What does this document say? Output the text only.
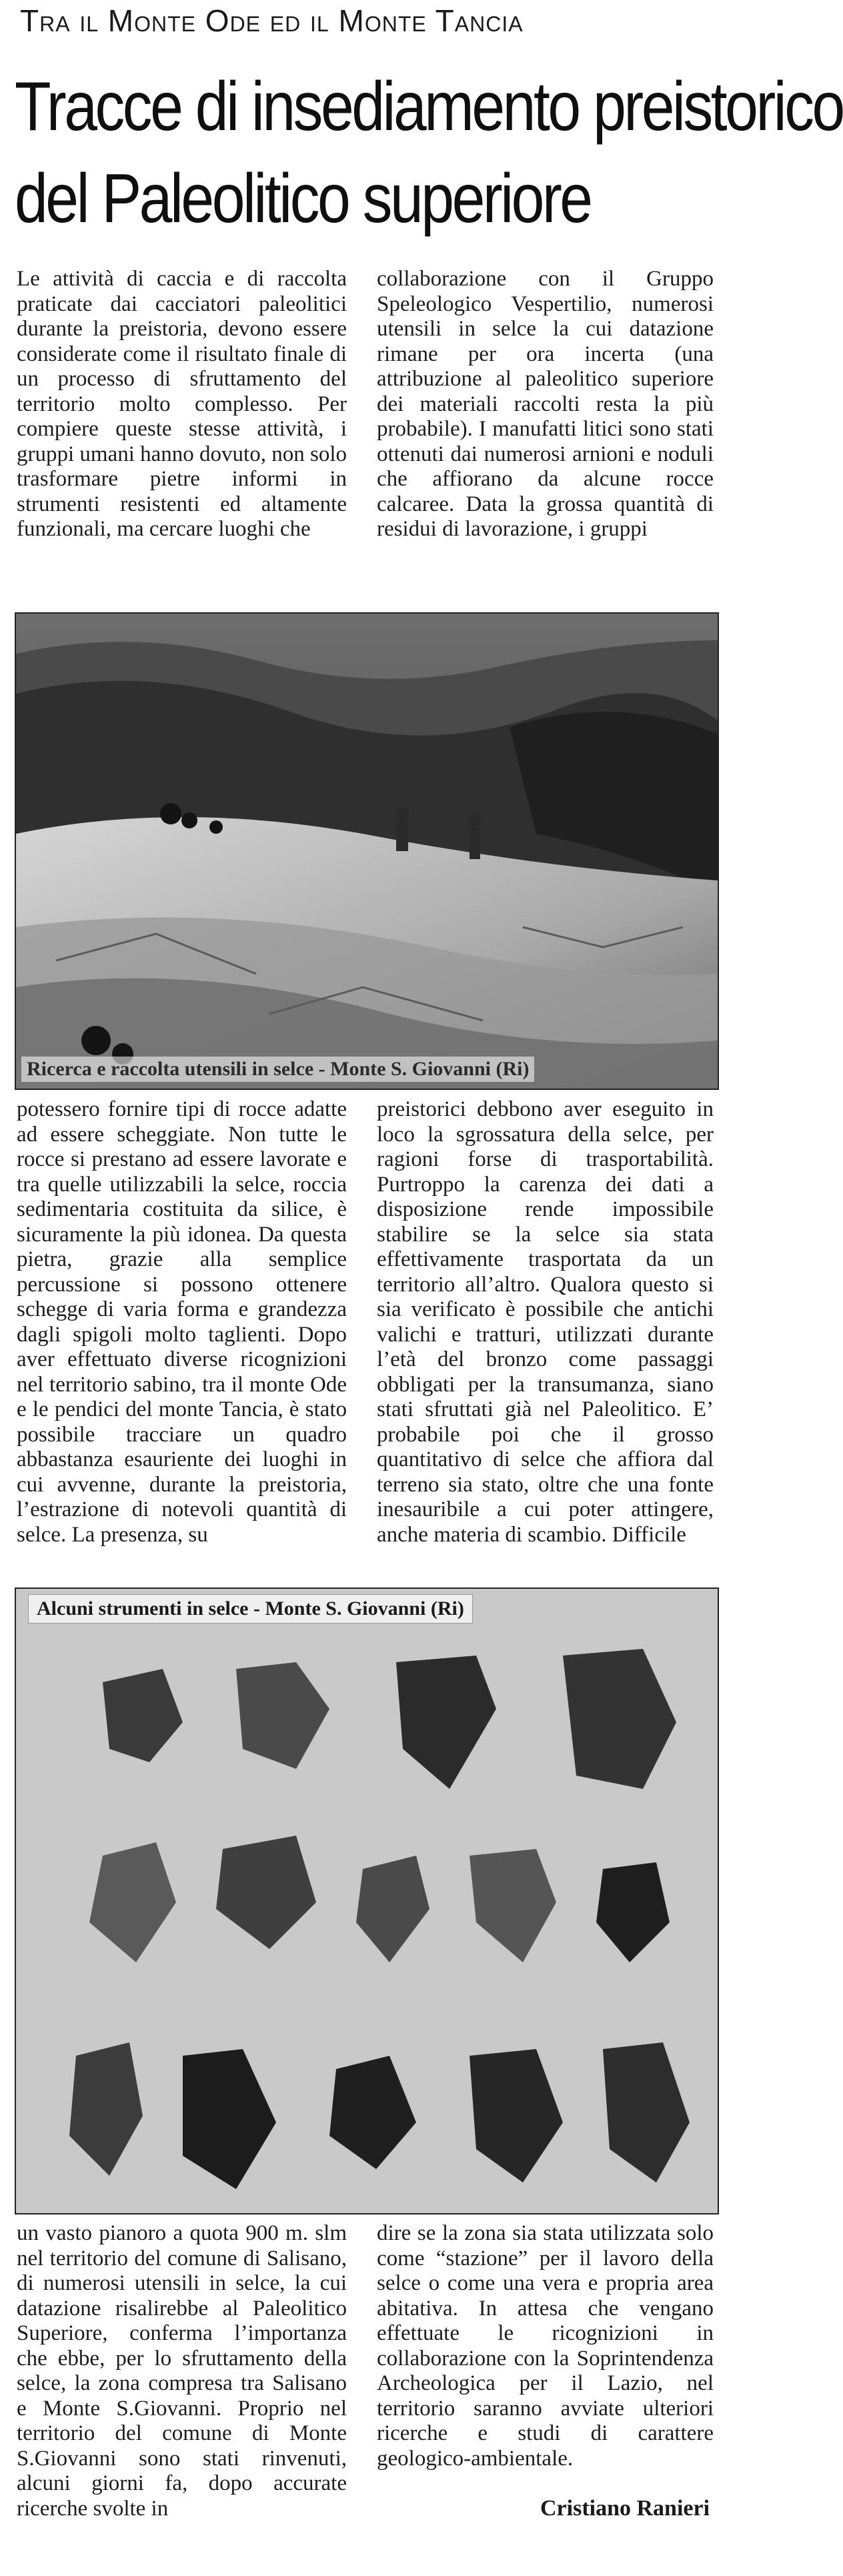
Tra il Monte Ode ed il Monte Tancia
Tracce di insediamento preistorico
del Paleolitico superiore

Le attività di caccia e di raccolta praticate dai cacciatori paleolitici durante la preistoria, devono essere considerate come il risultato finale di un processo di sfruttamento del territorio molto complesso. Per compiere queste stesse attività, i gruppi umani hanno dovuto, non solo trasformare pietre informi in strumenti resistenti ed altamente funzionali, ma cercare luoghi che

collaborazione con il Gruppo Speleologico Vespertilio, numerosi utensili in selce la cui datazione rimane per ora incerta (una attribuzione al paleolitico superiore dei materiali raccolti resta la più probabile). I manufatti litici sono stati ottenuti dai numerosi arnioni e noduli che affiorano da alcune rocce calcaree. Data la grossa quantità di residui di lavorazione, i gruppi

Ricerca e raccolta utensili in selce - Monte S. Giovanni (Ri)

potessero fornire tipi di rocce adatte ad essere scheggiate. Non tutte le rocce si prestano ad essere lavorate e tra quelle utilizzabili la selce, roccia sedimentaria costituita da silice, è sicuramente la più idonea. Da questa pietra, grazie alla semplice percussione si possono ottenere schegge di varia forma e grandezza dagli spigoli molto taglienti. Dopo aver effettuato diverse ricognizioni nel territorio sabino, tra il monte Ode e le pendici del monte Tancia, è stato possibile tracciare un quadro abbastanza esauriente dei luoghi in cui avvenne, durante la preistoria, l’estrazione di notevoli quantità di selce. La presenza, su

preistorici debbono aver eseguito in loco la sgrossatura della selce, per ragioni forse di trasportabilità. Purtroppo la carenza dei dati a disposizione rende impossibile stabilire se la selce sia stata effettivamente trasportata da un territorio all’altro. Qualora questo si sia verificato è possibile che antichi valichi e tratturi, utilizzati durante l’età del bronzo come passaggi obbligati per la transumanza, siano stati sfruttati già nel Paleolitico. E’ probabile poi che il grosso quantitativo di selce che affiora dal terreno sia stato, oltre che una fonte inesauribile a cui poter attingere, anche materia di scambio. Difficile

Alcuni strumenti in selce - Monte S. Giovanni (Ri)

un vasto pianoro a quota 900 m. slm nel territorio del comune di Salisano, di numerosi utensili in selce, la cui datazione risalirebbe al Paleolitico Superiore, conferma l’importanza che ebbe, per lo sfruttamento della selce, la zona compresa tra Salisano e Monte S.Giovanni. Proprio nel territorio del comune di Monte S.Giovanni sono stati rinvenuti, alcuni giorni fa, dopo accurate ricerche svolte in

dire se la zona sia stata utilizzata solo come “stazione” per il lavoro della selce o come una vera e propria area abitativa. In attesa che vengano effettuate le ricognizioni in collaborazione con la Soprintendenza Archeologica per il Lazio, nel territorio saranno avviate ulteriori ricerche e studi di carattere geologico-ambientale.

Cristiano Ranieri
